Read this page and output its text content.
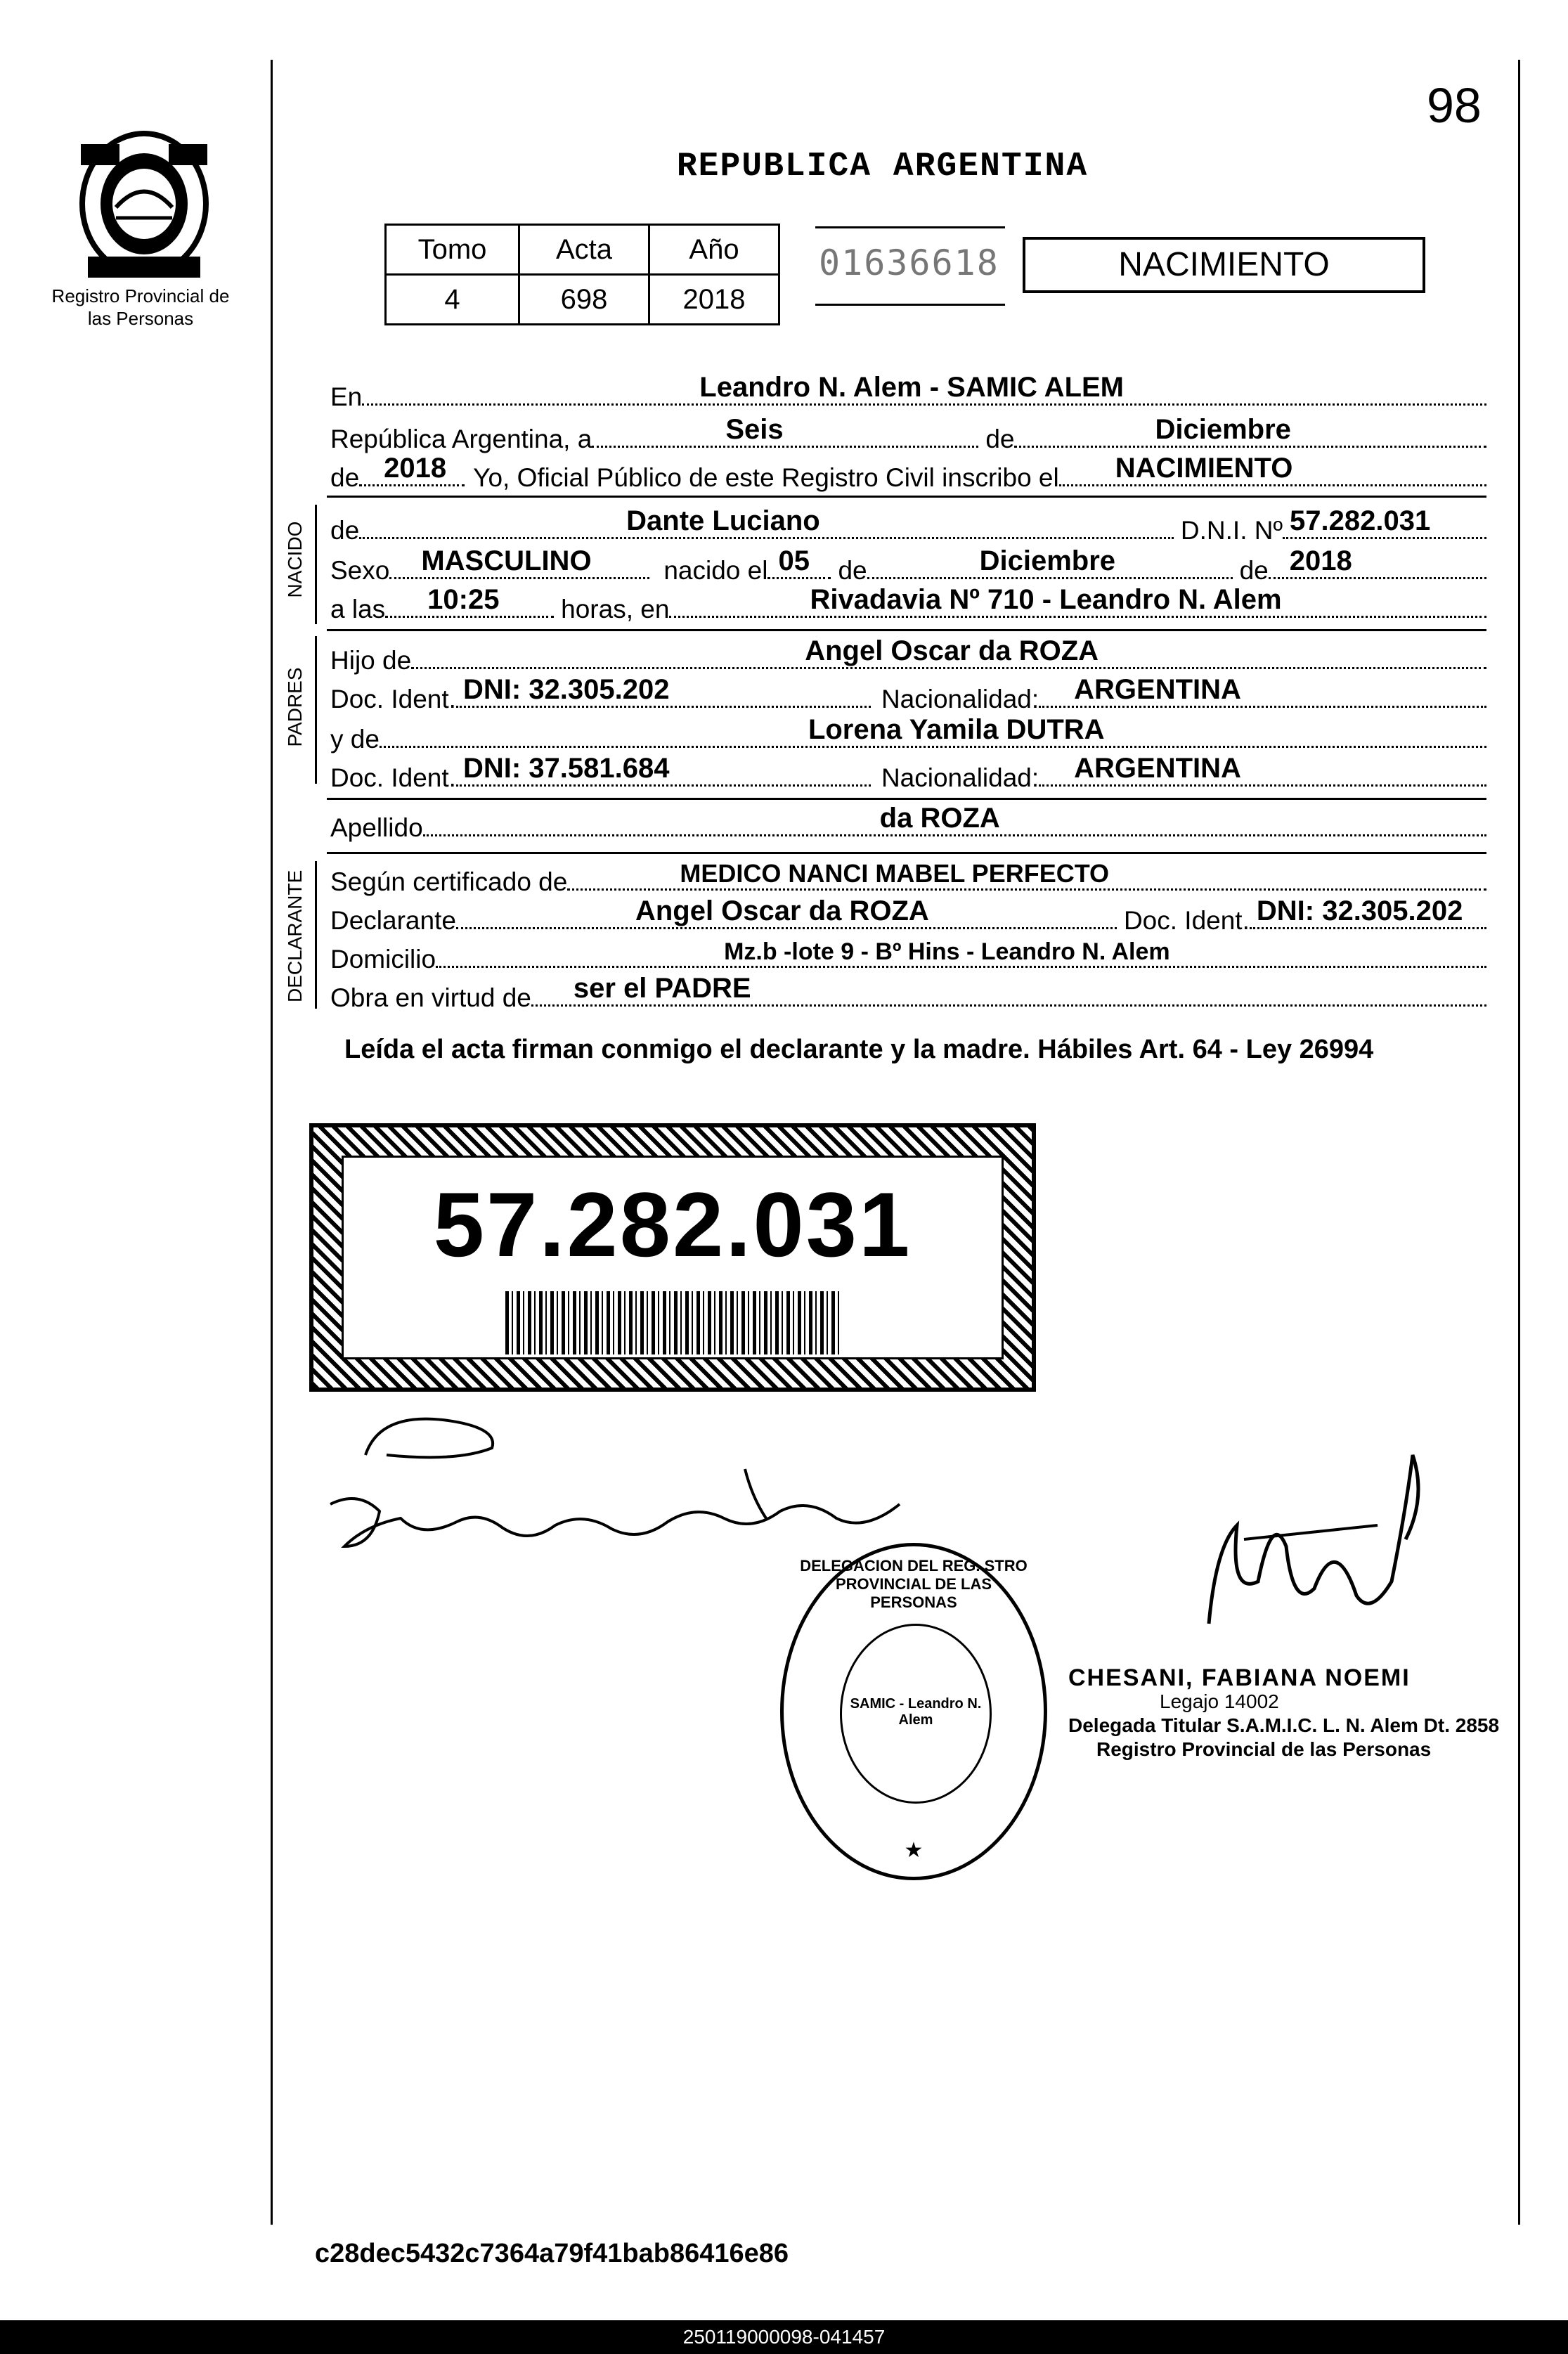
98
Registro Provincial de las Personas
REPUBLICA ARGENTINA
Tomo	Acta	Año
4	698	2018
01636618	NACIMIENTO
En	Leandro N. Alem - SAMIC ALEM
República Argentina, a	Seis	de	Diciembre
de 2018 Yo, Oficial Público de este Registro Civil inscribo el NACIMIENTO
NACIDO de	Dante Luciano	D.N.I. Nº 57.282.031
Sexo MASCULINO	nacido el 05 de	Diciembre	de 2018
a las 10:25 horas, en	Rivadavia Nº 710 - Leandro N. Alem
PADRES
Hijo de	Angel Oscar da ROZA
Doc. Ident. DNI: 32.305.202	Nacionalidad: ARGENTINA
y de	Lorena Yamila DUTRA
Doc. Ident. DNI: 37.581.684	Nacionalidad: ARGENTINA
Apellido	da ROZA
DECLARANTE Según certificado de	MEDICO NANCI MABEL PERFECTO
Declarante	Angel Oscar da ROZA	Doc. Ident. DNI: 32.305.202
Domicilio	Mz.b -lote 9 - Bº Hins - Leandro N. Alem
Obra en virtud de ser el PADRE
Leída el acta firman conmigo el declarante y la madre. Hábiles Art. 64 - Ley 26994
57.282.031
SAMIC - Leandro N. Alem
DELEGACION DEL REG. STRO PROVINCIAL DE LAS PERSONAS
★
CHESANI, FABIANA NOEMI
Legajo 14002
Delegada Titular S.A.M.I.C. L. N. Alem Dt. 2858
Registro Provincial de las Personas
c28dec5432c7364a79f41bab86416e86
250119000098-041457
